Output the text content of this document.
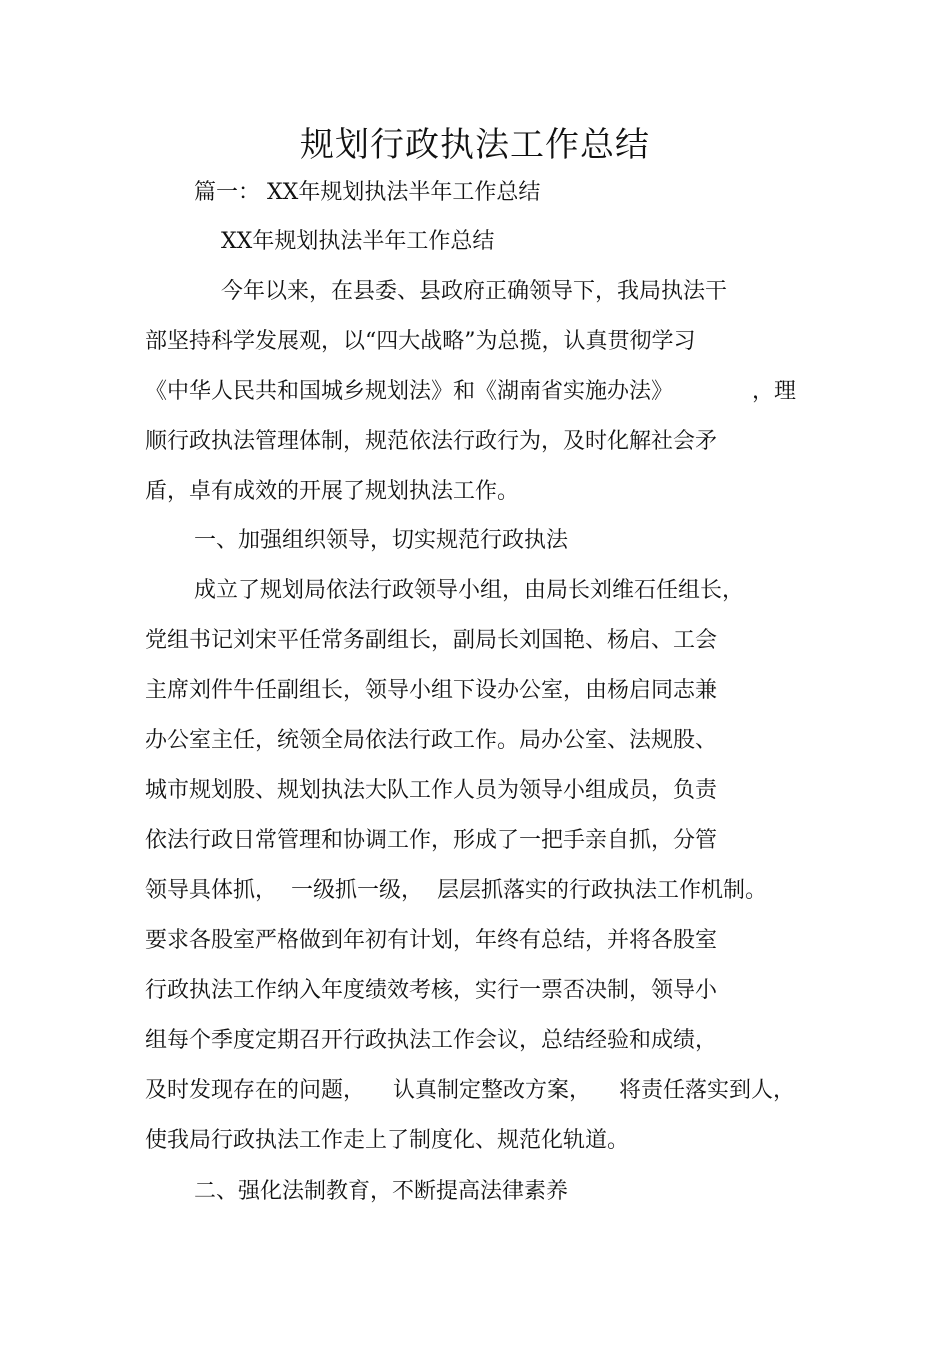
规划行政执法工作总结
篇一： XX年规划执法半年工作总结
XX年规划执法半年工作总结
今年以来，在县委、县政府正确领导下，我局执法干
部坚持科学发展观，以“四大战略”为总揽，认真贯彻学习
《中华人民共和国城乡规划法》和《湖南省实施办法》	，理
顺行政执法管理体制，规范依法行政行为，及时化解社会矛
盾，卓有成效的开展了规划执法工作。
一、加强组织领导，切实规范行政执法
成立了规划局依法行政领导小组，由局长刘维石任组长，
党组书记刘宋平任常务副组长，副局长刘国艳、杨启、工会
主席刘件牛任副组长，领导小组下设办公室，由杨启同志兼
办公室主任，统领全局依法行政工作。局办公室、法规股、
城市规划股、规划执法大队工作人员为领导小组成员，负责
依法行政日常管理和协调工作，形成了一把手亲自抓，分管
领导具体抓，  一级抓一级，  层层抓落实的行政执法工作机制。
要求各股室严格做到年初有计划，年终有总结，并将各股室
行政执法工作纳入年度绩效考核，实行一票否决制，领导小
组每个季度定期召开行政执法工作会议，总结经验和成绩，
及时发现存在的问题，    认真制定整改方案，    将责任落实到人，
使我局行政执法工作走上了制度化、规范化轨道。
二、强化法制教育，不断提高法律素养
